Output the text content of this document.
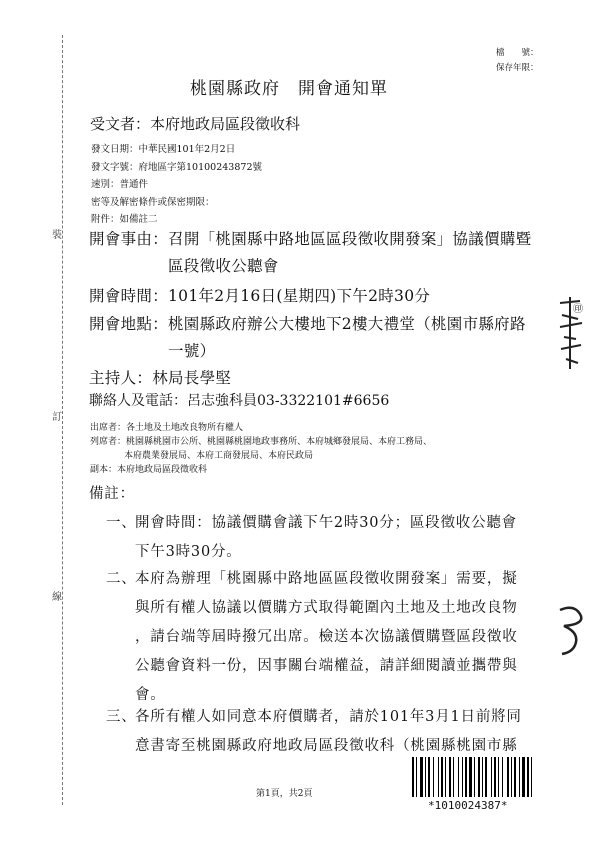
裝
訂
線
檔　　號：
保存年限：
桃園縣政府　開會通知單
受文者：本府地政局區段徵收科
發文日期：中華民國101年2月2日
發文字號：府地區字第10100243872號
速別：普通件
密等及解密條件或保密期限：
附件：如備註二
開會事由：召開「桃園縣中路地區區段徵收開發案」協議價購暨
區段徵收公聽會
開會時間：101年2月16日(星期四)下午2時30分
開會地點：桃園縣政府辦公大樓地下2樓大禮堂（桃園市縣府路
一號）
主持人：林局長學堅
聯絡人及電話：呂志強科員03-3322101#6656
出席者：各土地及土地改良物所有權人
列席者：桃園縣桃園市公所、桃園縣桃園地政事務所、本府城鄉發展局、本府工務局、
本府農業發展局、本府工商發展局、本府民政局
副本：本府地政局區段徵收科
備註：
一、
開會時間：協議價購會議下午2時30分；區段徵收公聽會
下午3時30分。
二、
本府為辦理「桃園縣中路地區區段徵收開發案」需要，擬
與所有權人協議以價購方式取得範圍內土地及土地改良物
，請台端等屆時撥冗出席。檢送本次協議價購暨區段徵收
公聽會資料一份，因事關台端權益，請詳細閱讀並攜帶與
會。
三、
各所有權人如同意本府價購者，請於101年3月1日前將同
意書寄至桃園縣政府地政局區段徵收科（桃園縣桃園市縣
㊞
*1010024387*
第1頁，共2頁
